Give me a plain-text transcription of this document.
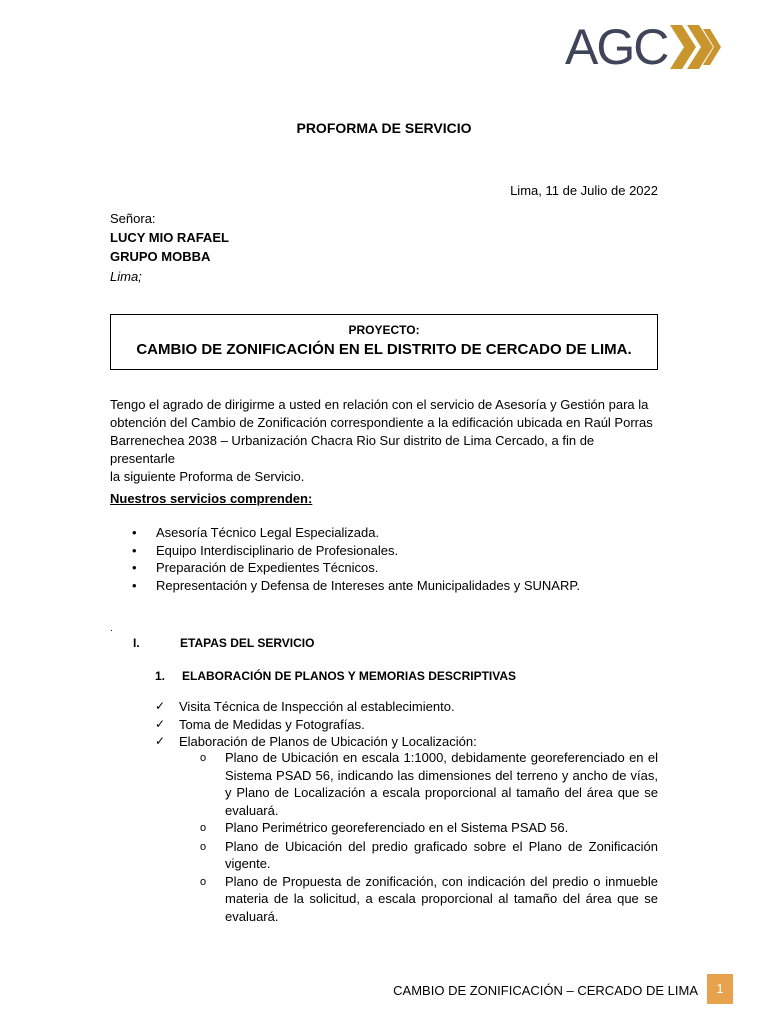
AGC
PROFORMA DE SERVICIO
Lima, 11 de Julio de 2022
Señora:
LUCY MIO RAFAEL
GRUPO MOBBA
Lima;
PROYECTO:
CAMBIO DE ZONIFICACIÓN EN EL DISTRITO DE CERCADO DE LIMA.
Tengo el agrado de dirigirme a usted en relación con el servicio de Asesoría y Gestión para la
obtención del Cambio de Zonificación correspondiente a la edificación ubicada en Raúl Porras
Barrenechea 2038 – Urbanización Chacra Rio Sur distrito de Lima Cercado, a fin de presentarle
la siguiente Proforma de Servicio.
Nuestros servicios comprenden:
•	Asesoría Técnico Legal Especializada.
•	Equipo Interdisciplinario de Profesionales.
•	Preparación de Expedientes Técnicos.
•	Representación y Defensa de Intereses ante Municipalidades y SUNARP.
.
I.	ETAPAS DEL SERVICIO
1. ELABORACIÓN DE PLANOS Y MEMORIAS DESCRIPTIVAS
✓	Visita Técnica de Inspección al establecimiento.
✓	Toma de Medidas y Fotografías.
✓	Elaboración de Planos de Ubicación y Localización:
o	Plano de Ubicación en escala 1:1000, debidamente georeferenciado en el Sistema PSAD 56, indicando las dimensiones del terreno y ancho de vías, y Plano de Localización a escala proporcional al tamaño del área que se evaluará.
o	Plano Perimétrico georeferenciado en el Sistema PSAD 56.
o	Plano de Ubicación del predio graficado sobre el Plano de Zonificación vigente.
o	Plano de Propuesta de zonificación, con indicación del predio o inmueble materia de la solicitud, a escala proporcional al tamaño del área que se evaluará.
CAMBIO DE ZONIFICACIÓN – CERCADO DE LIMA	1
